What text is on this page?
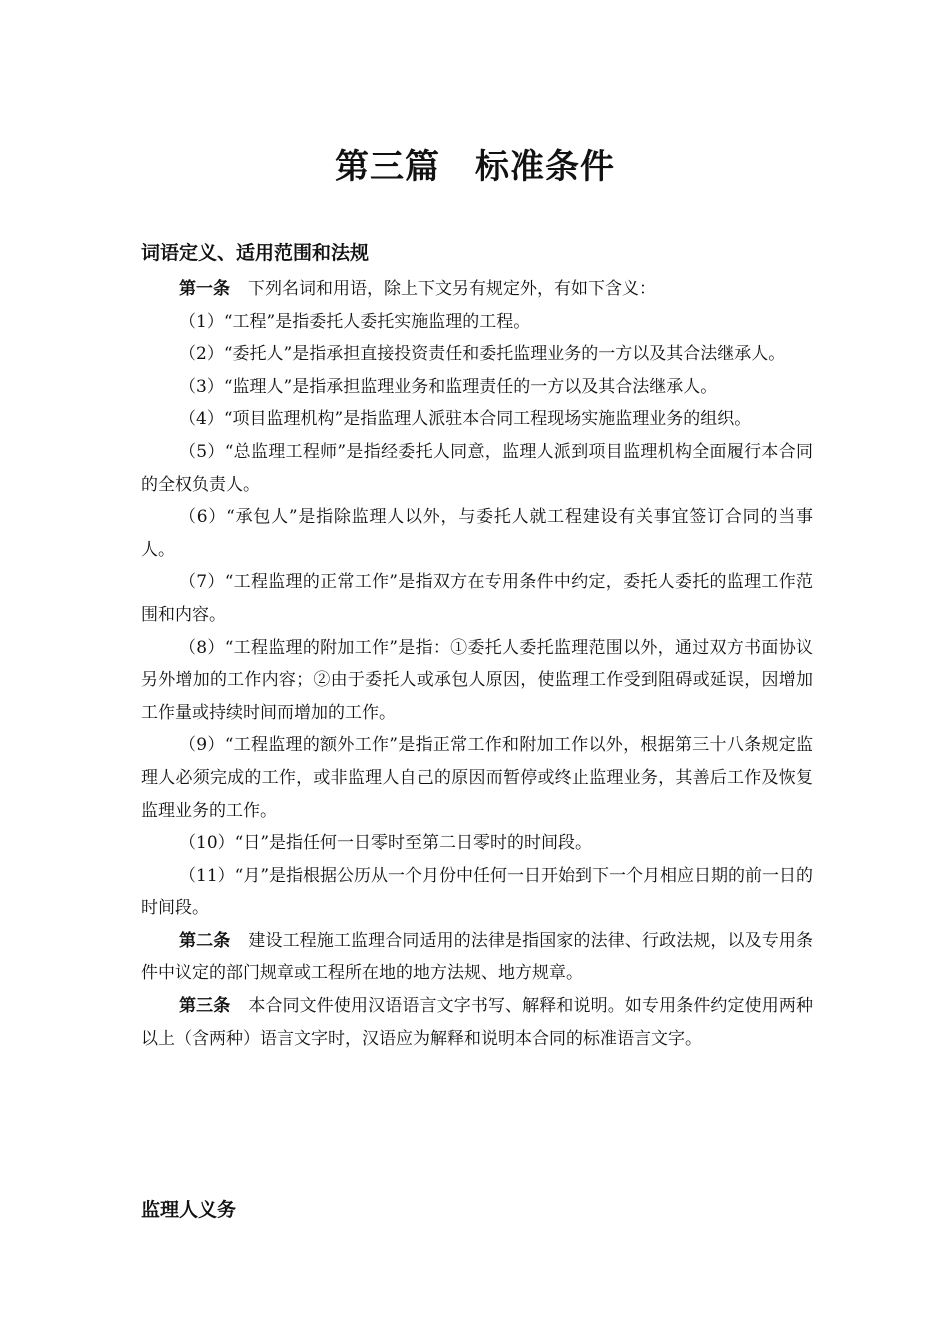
第三篇　标准条件
词语定义、适用范围和法规

第一条 下列名词和用语，除上下文另有规定外，有如下含义：

（1）“工程”是指委托人委托实施监理的工程。

（2）“委托人”是指承担直接投资责任和委托监理业务的一方以及其合法继承人。

（3）“监理人”是指承担监理业务和监理责任的一方以及其合法继承人。

（4）“项目监理机构”是指监理人派驻本合同工程现场实施监理业务的组织。

（5）“总监理工程师”是指经委托人同意，监理人派到项目监理机构全面履行本合同的全权负责人。

（6）“承包人”是指除监理人以外，与委托人就工程建设有关事宜签订合同的当事人。

（7）“工程监理的正常工作”是指双方在专用条件中约定，委托人委托的监理工作范围和内容。

（8）“工程监理的附加工作”是指：①委托人委托监理范围以外，通过双方书面协议另外增加的工作内容；②由于委托人或承包人原因，使监理工作受到阻碍或延误，因增加工作量或持续时间而增加的工作。

（9）“工程监理的额外工作”是指正常工作和附加工作以外，根据第三十八条规定监理人必须完成的工作，或非监理人自己的原因而暂停或终止监理业务，其善后工作及恢复监理业务的工作。

（10）“日”是指任何一日零时至第二日零时的时间段。

（11）“月”是指根据公历从一个月份中任何一日开始到下一个月相应日期的前一日的时间段。

第二条 建设工程施工监理合同适用的法律是指国家的法律、行政法规，以及专用条件中议定的部门规章或工程所在地的地方法规、地方规章。

第三条 本合同文件使用汉语语言文字书写、解释和说明。如专用条件约定使用两种以上（含两种）语言文字时，汉语应为解释和说明本合同的标准语言文字。

监理人义务
